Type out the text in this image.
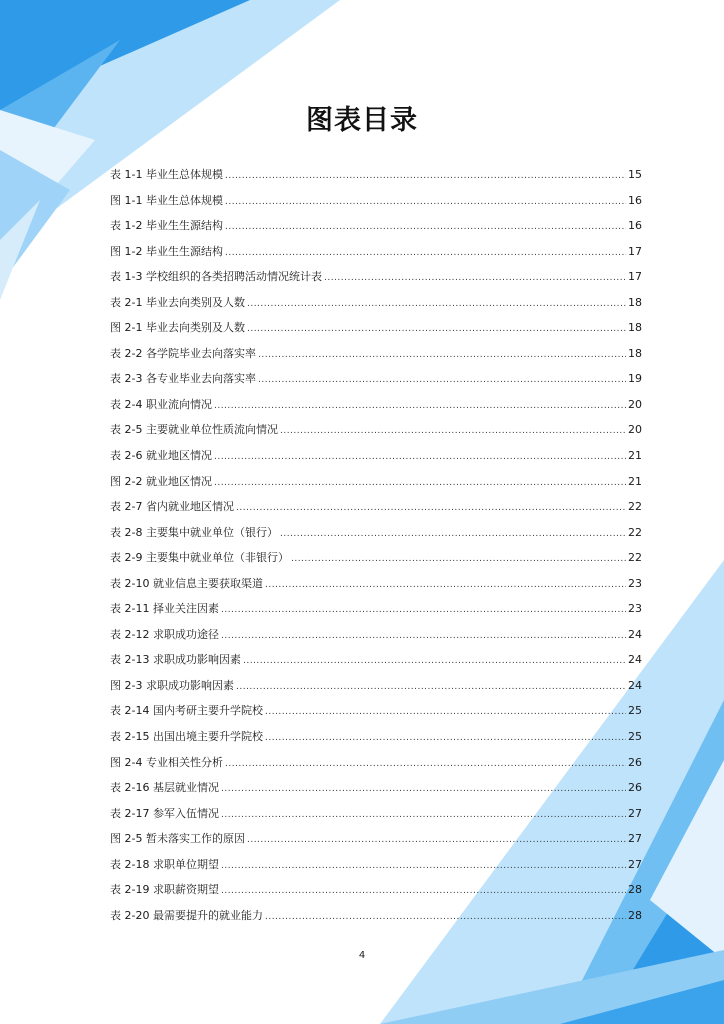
图表目录
表 1-1 毕业生总体规模 .....	15
图 1-1 毕业生总体规模 .....	16
表 1-2 毕业生生源结构 .....	16
图 1-2 毕业生生源结构 .....	17
表 1-3 学校组织的各类招聘活动情况统计表 .....	17
表 2-1 毕业去向类别及人数 .....	18
图 2-1 毕业去向类别及人数 .....	18
表 2-2 各学院毕业去向落实率 .....	18
表 2-3 各专业毕业去向落实率 .....	19
表 2-4 职业流向情况 .....	20
表 2-5 主要就业单位性质流向情况 .....	20
表 2-6 就业地区情况 .....	21
图 2-2 就业地区情况 .....	21
表 2-7 省内就业地区情况 .....	22
表 2-8 主要集中就业单位（银行） .....	22
表 2-9 主要集中就业单位（非银行） .....	22
表 2-10 就业信息主要获取渠道 .....	23
表 2-11 择业关注因素 .....	23
表 2-12 求职成功途径 .....	24
表 2-13 求职成功影响因素 .....	24
图 2-3 求职成功影响因素 .....	24
表 2-14 国内考研主要升学院校 .....	25
表 2-15 出国出境主要升学院校 .....	25
图 2-4 专业相关性分析 .....	26
表 2-16 基层就业情况 .....	26
表 2-17 参军入伍情况 .....	27
图 2-5 暂未落实工作的原因 .....	27
表 2-18 求职单位期望 .....	27
表 2-19 求职薪资期望 .....	28
表 2-20 最需要提升的就业能力 .....	28
4
